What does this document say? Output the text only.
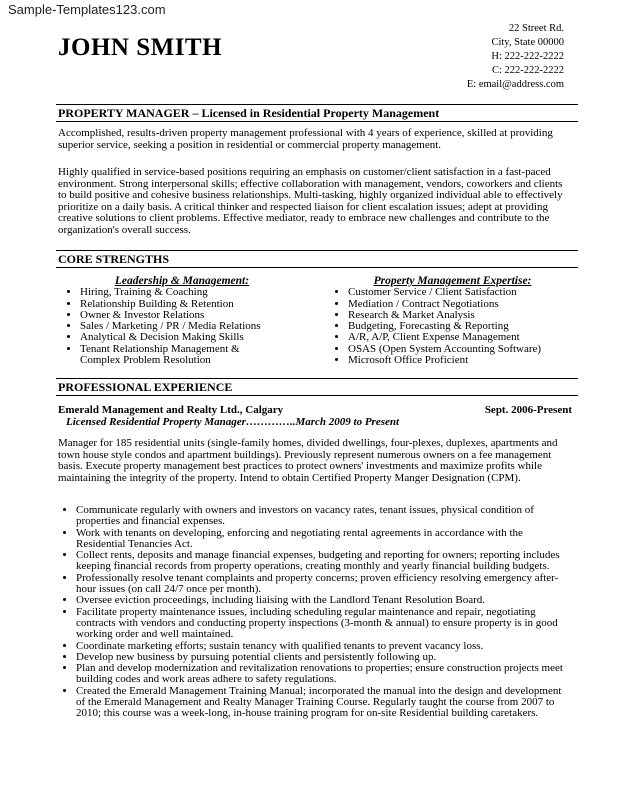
Sample-Templates123.com
JOHN SMITH
22 Street Rd.
City, State 00000
H: 222-222-2222
C: 222-222-2222
E: email@address.com
PROPERTY MANAGER – Licensed in Residential Property Management
Accomplished, results-driven property management professional with 4 years of experience, skilled at providing superior service, seeking a position in residential or commercial property management.
Highly qualified in service-based positions requiring an emphasis on customer/client satisfaction in a fast-paced environment. Strong interpersonal skills; effective collaboration with management, vendors, coworkers and clients to build positive and cohesive business relationships. Multi-tasking, highly organized individual able to effectively prioritize on a daily basis. A critical thinker and respected liaison for client escalation issues; adept at providing creative solutions to client problems. Effective mediator, ready to embrace new challenges and contribute to the organization's overall success.
CORE STRENGTHS
Leadership & Management:
• Hiring, Training & Coaching
• Relationship Building & Retention
• Owner & Investor Relations
• Sales / Marketing / PR / Media Relations
• Analytical & Decision Making Skills
• Tenant Relationship Management & Complex Problem Resolution
Property Management Expertise:
• Customer Service / Client Satisfaction
• Mediation / Contract Negotiations
• Research & Market Analysis
• Budgeting, Forecasting & Reporting
• A/R, A/P, Client Expense Management
• OSAS (Open System Accounting Software)
• Microsoft Office Proficient
PROFESSIONAL EXPERIENCE
Emerald Management and Realty Ltd., Calgary	Sept. 2006-Present
Licensed Residential Property Manager…………..March 2009 to Present
Manager for 185 residential units (single-family homes, divided dwellings, four-plexes, duplexes, apartments and town house style condos and apartment buildings). Previously represent numerous owners on a fee management basis. Execute property management best practices to protect owners' investments and maximize profits while maintaining the integrity of the property. Intend to obtain Certified Property Manger Designation (CPM).
• Communicate regularly with owners and investors on vacancy rates, tenant issues, physical condition of properties and financial expenses.
• Work with tenants on developing, enforcing and negotiating rental agreements in accordance with the Residential Tenancies Act.
• Collect rents, deposits and manage financial expenses, budgeting and reporting for owners; reporting includes keeping financial records from property operations, creating monthly and yearly financial building budgets.
• Professionally resolve tenant complaints and property concerns; proven efficiency resolving emergency after-hour issues (on call 24/7 once per month).
• Oversee eviction proceedings, including liaising with the Landlord Tenant Resolution Board.
• Facilitate property maintenance issues, including scheduling regular maintenance and repair, negotiating contracts with vendors and conducting property inspections (3-month & annual) to ensure property is in good working order and well maintained.
• Coordinate marketing efforts; sustain tenancy with qualified tenants to prevent vacancy loss.
• Develop new business by pursuing potential clients and persistently following up.
• Plan and develop modernization and revitalization renovations to properties; ensure construction projects meet building codes and work areas adhere to safety regulations.
• Created the Emerald Management Training Manual; incorporated the manual into the design and development of the Emerald Management and Realty Manager Training Course. Regularly taught the course from 2007 to 2010; this course was a week-long, in-house training program for on-site Residential building caretakers.
